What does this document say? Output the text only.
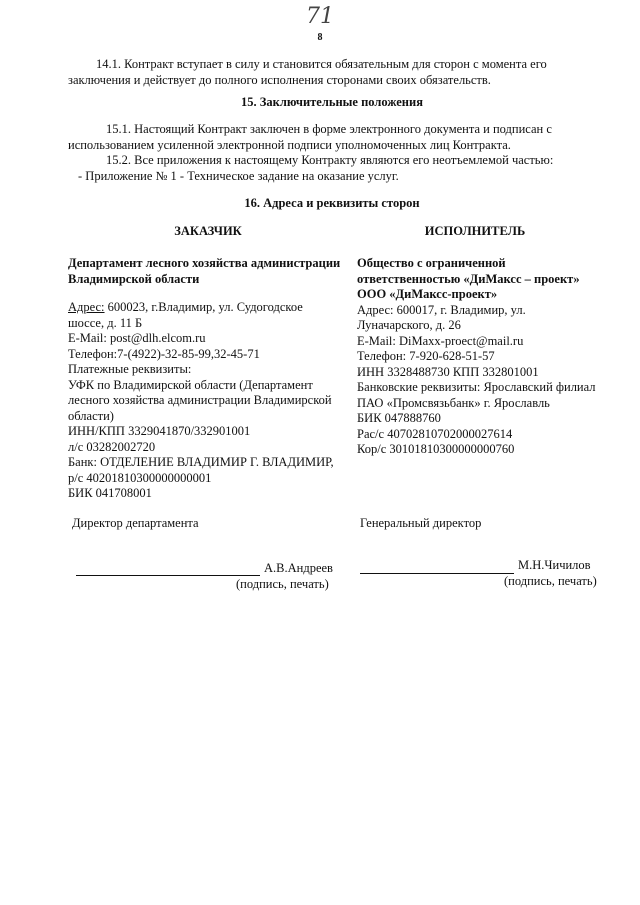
71
8
14.1. Контракт вступает в силу и становится обязательным для сторон с момента его
заключения и действует до полного исполнения сторонами своих обязательств.
15. Заключительные положения
15.1. Настоящий Контракт заключен в форме электронного документа и подписан с
использованием усиленной электронной подписи уполномоченных лиц Контракта.
15.2. Все приложения к настоящему Контракту являются его неотъемлемой частью:
- Приложение № 1 - Техническое задание на оказание услуг.
16. Адреса и реквизиты сторон
ЗАКАЗЧИК
Департамент лесного хозяйства администрации
Владимирской области
Адрес: 600023, г.Владимир, ул. Судогодское
шоссе, д. 11 Б
E-Mail: post@dlh.elcom.ru
Телефон:7-(4922)-32-85-99,32-45-71
Платежные реквизиты:
УФК по Владимирской области (Департамент
лесного хозяйства администрации Владимирской
области)
ИНН/КПП 3329041870/332901001
л/с 03282002720
Банк: ОТДЕЛЕНИЕ ВЛАДИМИР Г. ВЛАДИМИР,
р/с 40201810300000000001
БИК 041708001
ИСПОЛНИТЕЛЬ
Общество с ограниченной
ответственностью «ДиМаксс – проект»
ООО «ДиМаксс-проект»
Адрес: 600017, г. Владимир, ул.
Луначарского, д. 26
E-Mail: DiMaxx-proect@mail.ru
Телефон: 7-920-628-51-57
ИНН 3328488730 КПП 332801001
Банковские реквизиты: Ярославский филиал
ПАО «Промсвязьбанк» г. Ярославль
БИК 047888760
Рас/с 40702810702000027614
Кор/с 30101810300000000760
Директор департамента
А.В.Андреев
(подпись, печать)
Генеральный директор
М.Н.Чичилов
(подпись, печать)
